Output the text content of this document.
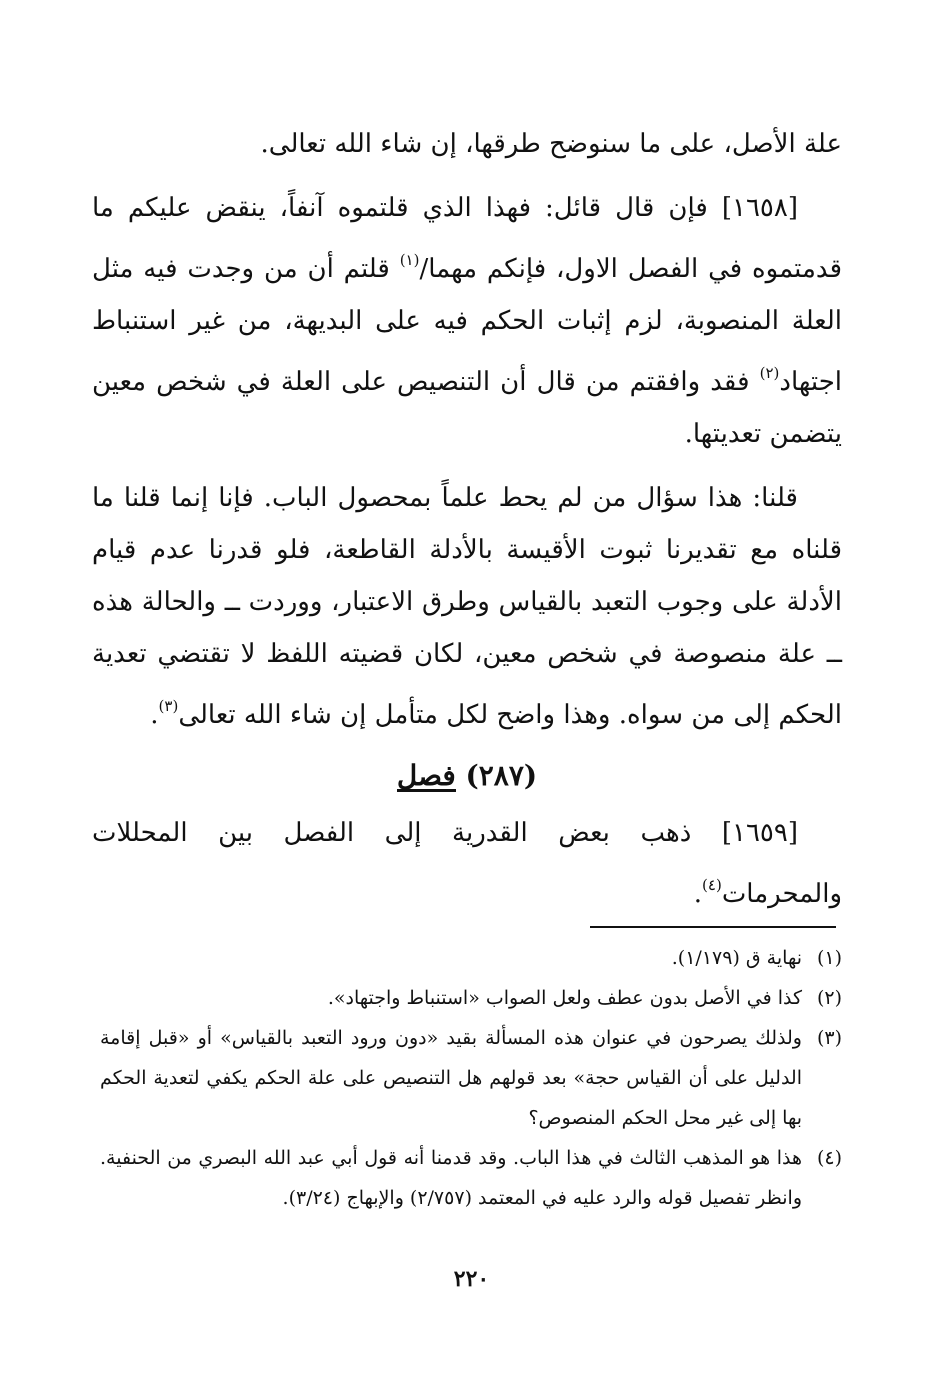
علة الأصل، على ما سنوضح طرقها، إن شاء الله تعالى.

[١٦٥٨] فإن قال قائل: فهذا الذي قلتموه آنفاً، ينقض عليكم ما قدمتموه في الفصل الاول، فإنكم مهما/$^{(١)}$ قلتم أن من وجدت فيه مثل العلة المنصوبة، لزم إثبات الحكم فيه على البديهة، من غير استنباط اجتهاد$^{(٢)}$ فقد وافقتم من قال أن التنصيص على العلة في شخص معين يتضمن تعديتها.

قلنا: هذا سؤال من لم يحط علماً بمحصول الباب. فإنا إنما قلنا ما قلناه مع تقديرنا ثبوت الأقيسة بالأدلة القاطعة، فلو قدرنا عدم قيام الأدلة على وجوب التعبد بالقياس وطرق الاعتبار، ووردت ــ والحالة هذه ــ علة منصوصة في شخص معين، لكان قضيته اللفظ لا تقتضي تعدية الحكم إلى من سواه. وهذا واضح لكل متأمل إن شاء الله تعالى$^{(٣)}$.

(٢٨٧) فصل

[١٦٥٩] ذهب بعض القدرية إلى الفصل بين المحللات والمحرمات$^{(٤)}$.

(١)
نهاية ق (١/١٧٩).
(٢)
كذا في الأصل بدون عطف ولعل الصواب «استنباط واجتهاد».
(٣)
ولذلك يصرحون في عنوان هذه المسألة بقيد «دون ورود التعبد بالقياس» أو «قبل إقامة الدليل على أن القياس حجة» بعد قولهم هل التنصيص على علة الحكم يكفي لتعدية الحكم بها إلى غير محل الحكم المنصوص؟
(٤)
هذا هو المذهب الثالث في هذا الباب. وقد قدمنا أنه قول أبي عبد الله البصري من الحنفية. وانظر تفصيل قوله والرد عليه في المعتمد (٢/٧٥٧) والإبهاج (٣/٢٤).
٢٢٠
